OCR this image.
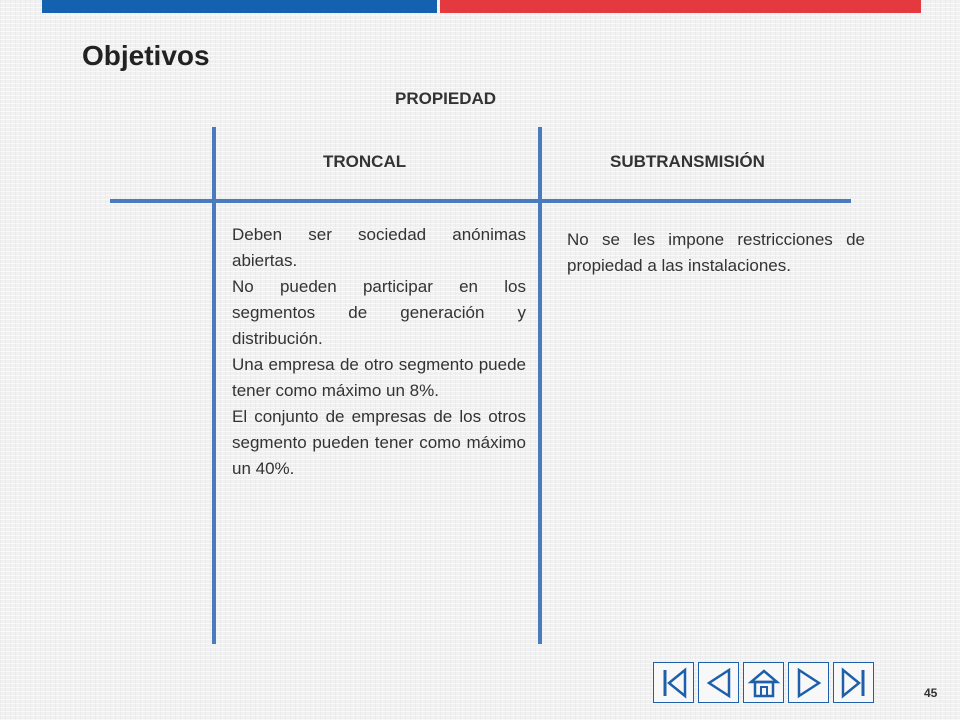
Objetivos
PROPIEDAD
TRONCAL	SUBTRANSMISIÓN

Deben ser sociedad anónimas abiertas.

No pueden participar en los segmentos de generación y distribución.

Una empresa de otro segmento puede tener como máximo un 8%.

El conjunto de empresas de los otros segmento pueden tener como máximo un 40%.

No se les impone restricciones de propiedad a las instalaciones.

45
